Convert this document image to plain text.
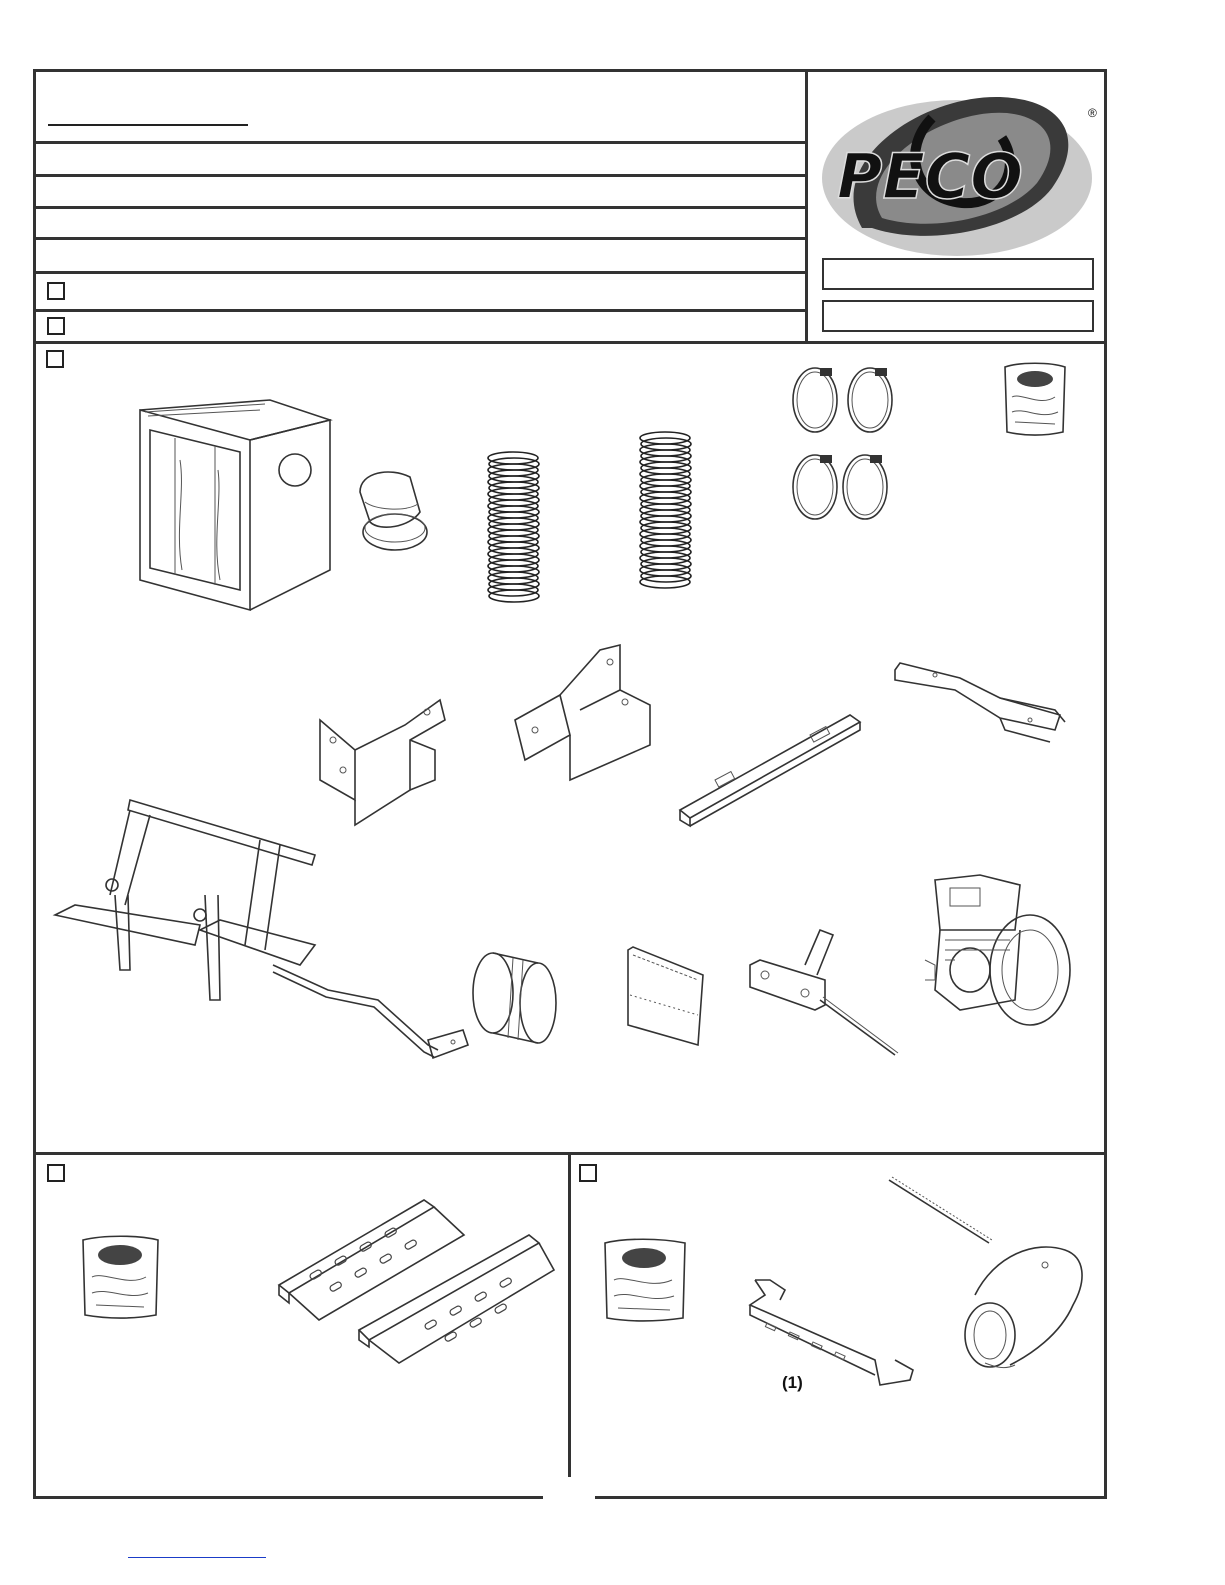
PECO
®
(1)
